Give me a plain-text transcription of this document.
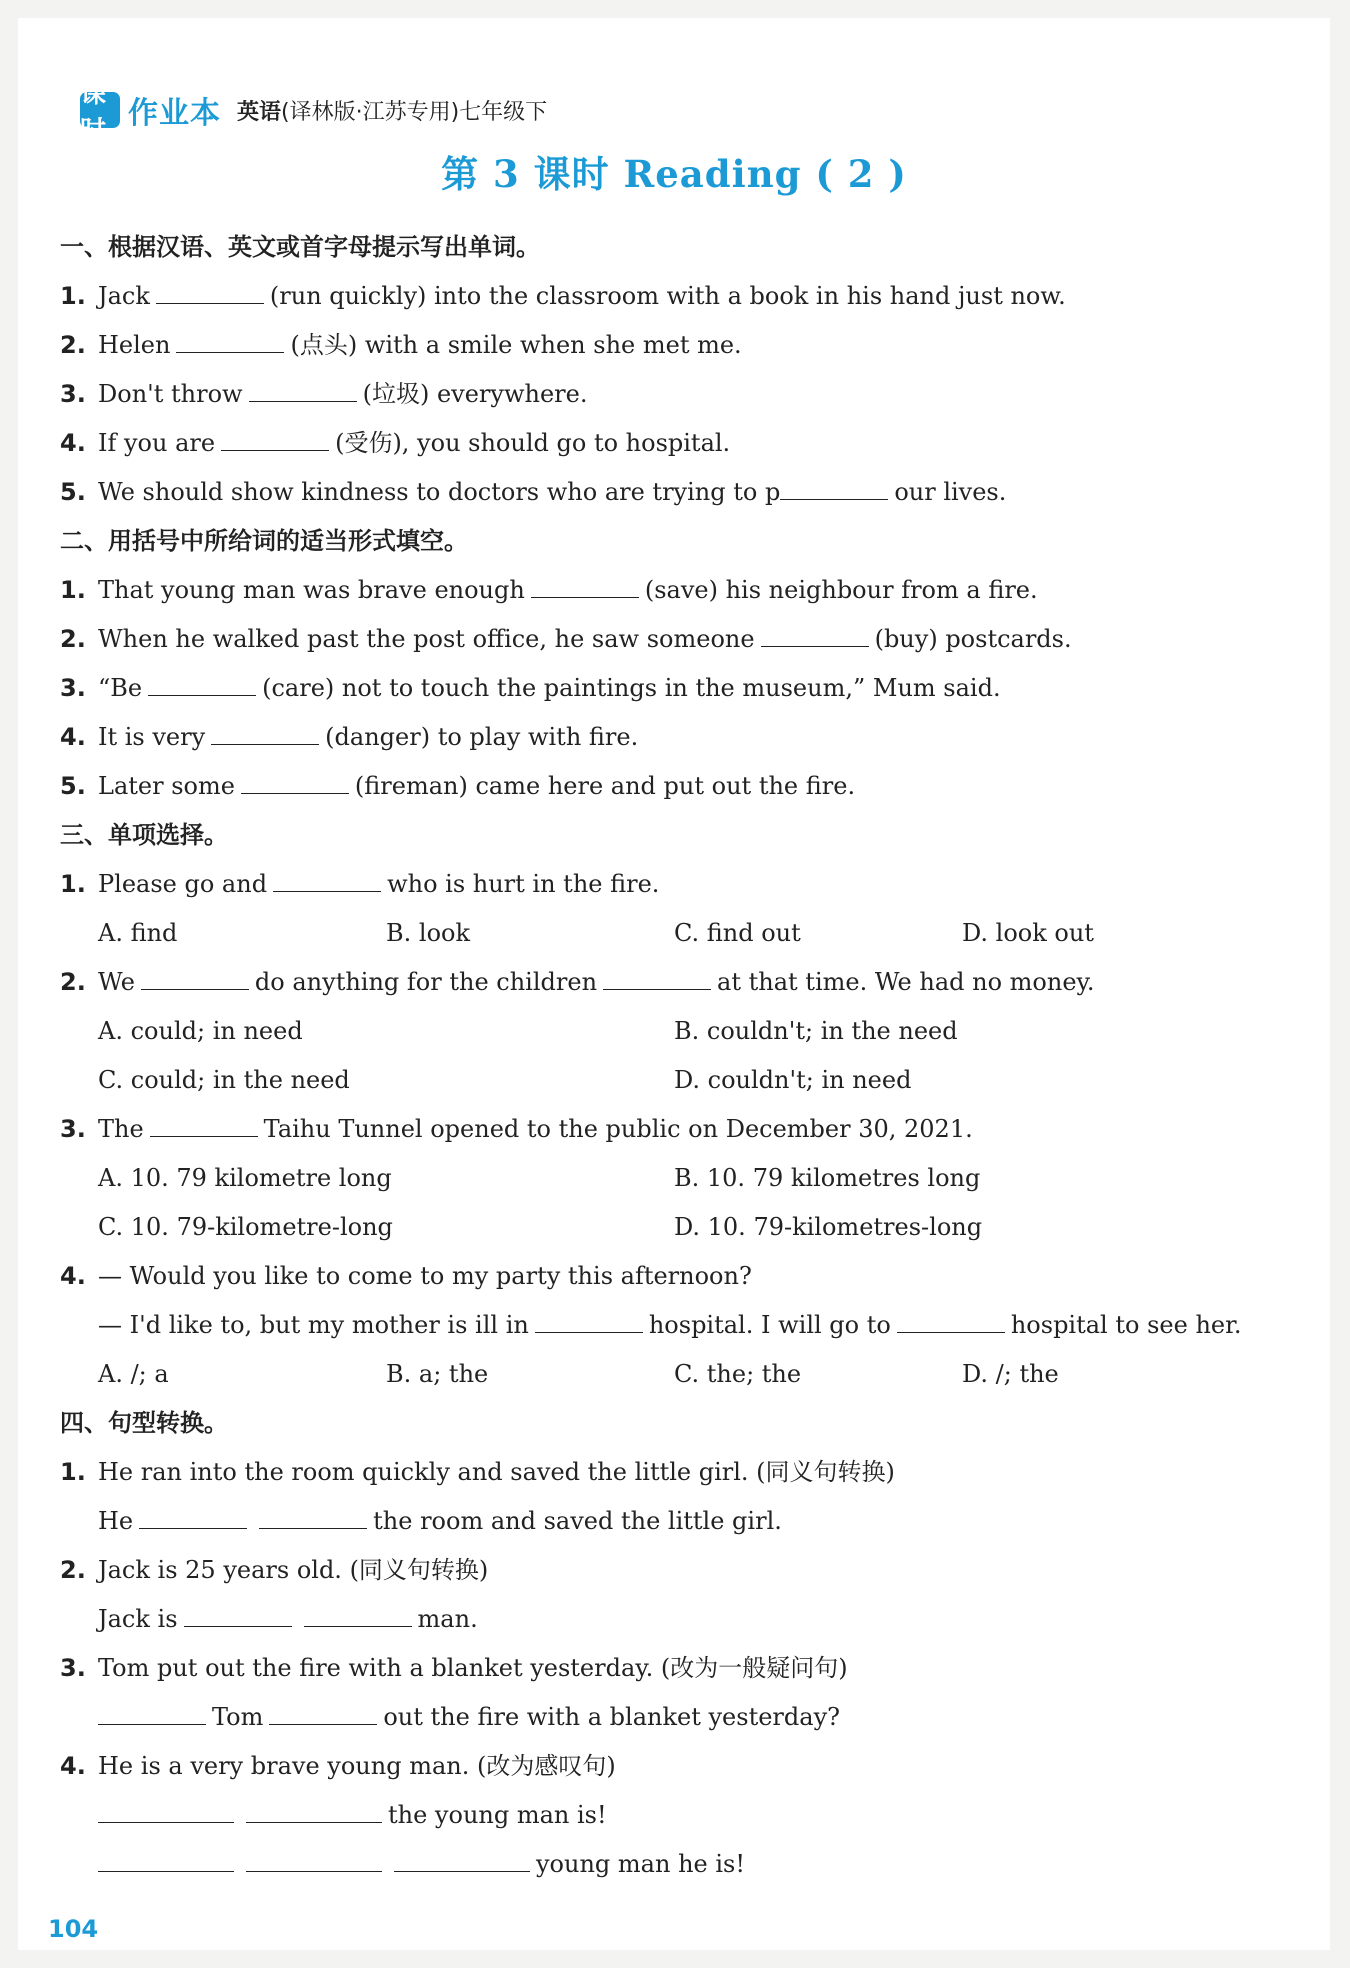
课时 作业本 英语(译林版·江苏专用)七年级下
第 3 课时 Reading ( 2 )
一、根据汉语、英文或首字母提示写出单词。
1. Jack	(run quickly) into the classroom with a book in his hand just now.
2. Helen	(点头) with a smile when she met me.
3. Don't throw	(垃圾) everywhere.
4. If you are	(受伤), you should go to hospital.
5. We should show kindness to doctors who are trying to p	our lives.
二、用括号中所给词的适当形式填空。
1. That young man was brave enough	(save) his neighbour from a fire.
2. When he walked past the post office, he saw someone	(buy) postcards.
3. “Be	(care) not to touch the paintings in the museum,” Mum said.
4. It is very	(danger) to play with fire.
5. Later some	(fireman) came here and put out the fire.
三、单项选择。
1. Please go and	who is hurt in the fire.
A. find	B. look	C. find out	D. look out
2. We	do anything for the children	at that time. We had no money.
A. could; in need	B. couldn't; in the need
C. could; in the need	D. couldn't; in need
3. The	Taihu Tunnel opened to the public on December 30, 2021.
A. 10. 79 kilometre long	B. 10. 79 kilometres long
C. 10. 79-kilometre-long	D. 10. 79-kilometres-long
4. — Would you like to come to my party this afternoon?
— I'd like to, but my mother is ill in	hospital. I will go to	hospital to see her.
A. /; a	B. a; the	C. the; the	D. /; the
四、句型转换。
1. He ran into the room quickly and saved the little girl. (同义句转换)
He	the room and saved the little girl.
2. Jack is 25 years old. (同义句转换)
Jack is	man.
3. Tom put out the fire with a blanket yesterday. (改为一般疑问句)
Tom	out the fire with a blanket yesterday?
4. He is a very brave young man. (改为感叹句)
the young man is!
young man he is!
104
